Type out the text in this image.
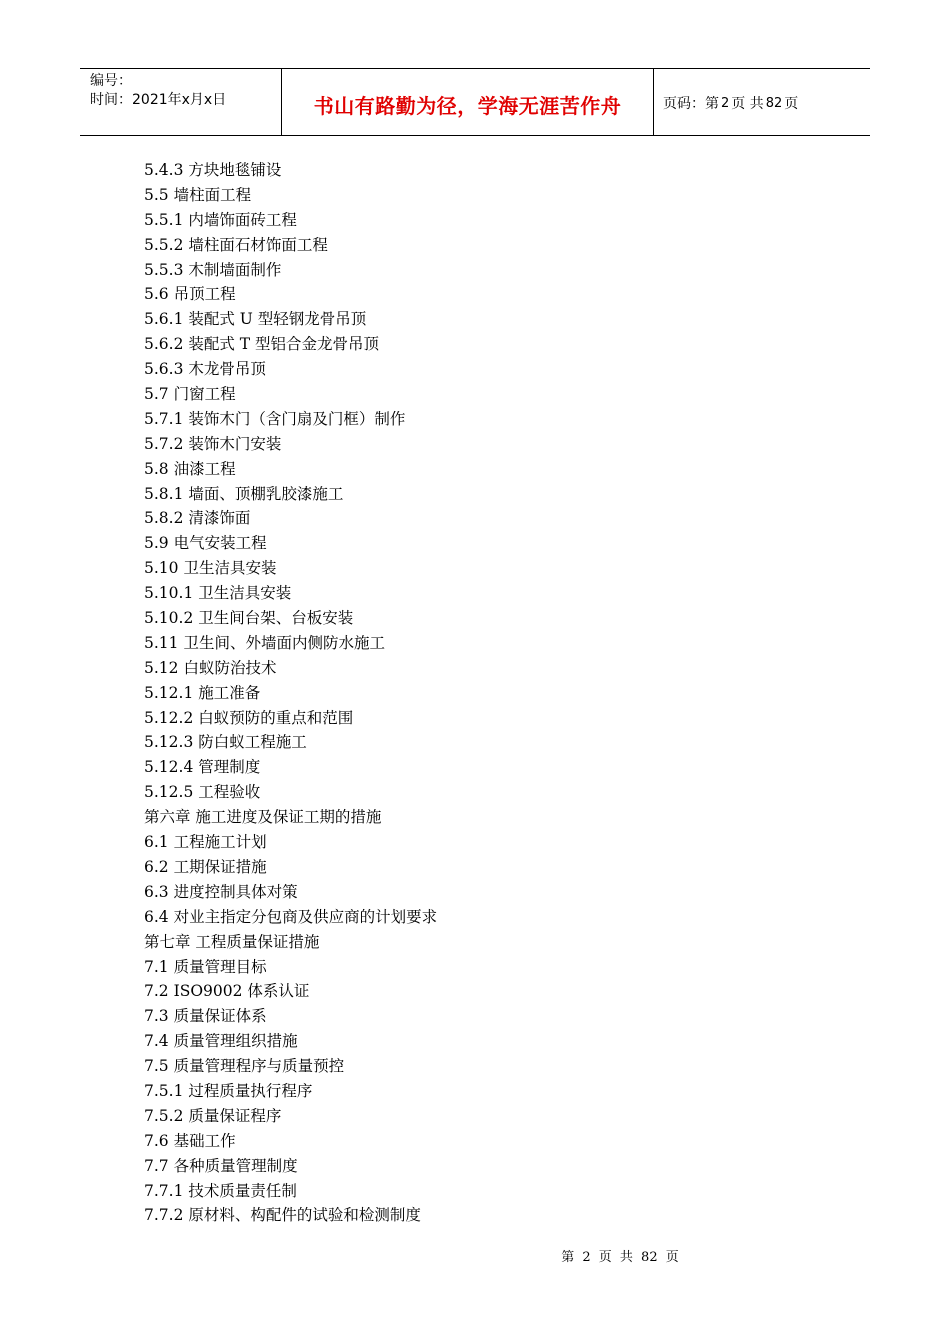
编号：
时间：2021年x月x日	书山有路勤为径，学海无涯苦作舟	页码：第 2 页 共 82 页
5.4.3 方块地毯铺设
5.5 墙柱面工程
5.5.1 内墙饰面砖工程
5.5.2 墙柱面石材饰面工程
5.5.3 木制墙面制作
5.6 吊顶工程
5.6.1 装配式 U 型轻钢龙骨吊顶
5.6.2 装配式 T 型铝合金龙骨吊顶
5.6.3 木龙骨吊顶
5.7 门窗工程
5.7.1 装饰木门（含门扇及门框）制作
5.7.2 装饰木门安装
5.8 油漆工程
5.8.1 墙面、顶棚乳胶漆施工
5.8.2 清漆饰面
5.9 电气安装工程
5.10 卫生洁具安装
5.10.1 卫生洁具安装
5.10.2 卫生间台架、台板安装
5.11 卫生间、外墙面内侧防水施工
5.12 白蚁防治技术
5.12.1 施工准备
5.12.2 白蚁预防的重点和范围
5.12.3 防白蚁工程施工
5.12.4 管理制度
5.12.5 工程验收
第六章 施工进度及保证工期的措施
6.1 工程施工计划
6.2 工期保证措施
6.3 进度控制具体对策
6.4 对业主指定分包商及供应商的计划要求
第七章 工程质量保证措施
7.1 质量管理目标
7.2 ISO9002 体系认证
7.3 质量保证体系
7.4 质量管理组织措施
7.5 质量管理程序与质量预控
7.5.1 过程质量执行程序
7.5.2 质量保证程序
7.6 基础工作
7.7 各种质量管理制度
7.7.1 技术质量责任制
7.7.2 原材料、构配件的试验和检测制度
第 2 页 共 82 页
